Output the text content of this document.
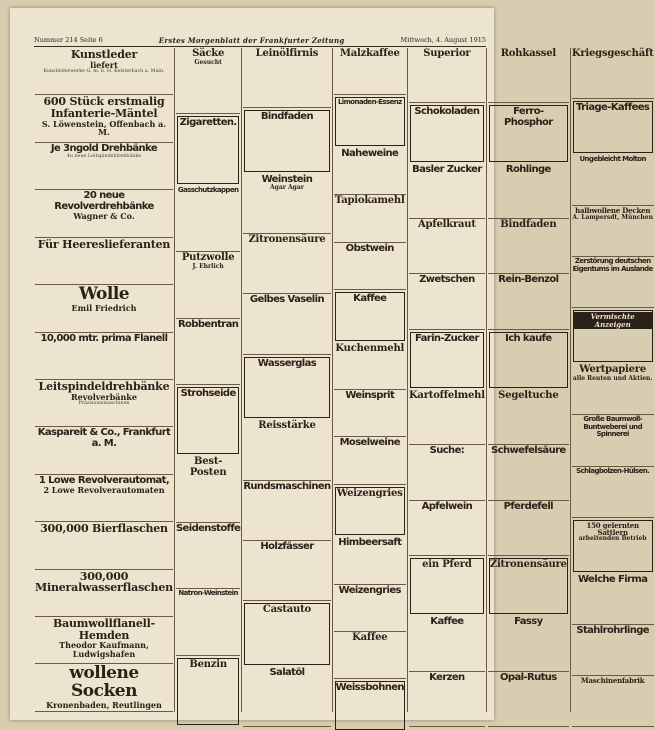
Nummer 214 Seite 6	Erstes Morgenblatt der Frankfurter Zeitung	Mittwoch, 4. August 1915
Kunstleder
liefert
Kunstlederwerke G. m. b. H. Kelsterbach a. Main.
600 Stück erstmalig Infanterie-Mäntel
S. Löwenstein, Offenbach a. M.
Je 3ngold Drehbänke
4u neue Leitspindeldrehbänke
20 neue Revolverdrehbänke
Wagner & Co.
Für Heereslieferanten
Wolle
Emil Friedrich
10,000 mtr. prima Flanell
Leitspindeldrehbänke
Revolverbänke
Präzisionsmaschinen
Kaspareit & Co., Frankfurt a. M.
1 Lowe Revolverautomat,
2 Lowe Revolverautomaten
300,000 Bierflaschen
300,000 Mineralwasserflaschen
Baumwollflanell-Hemden
Theodor Kaufmann, Ludwigshafen
wollene Socken
Kronenbaden, Reutlingen
Säcke
Gesucht
Zigaretten.
Gasschutzkappen
Putzwolle
J. Ehrlich
Robbentran
Strohseide
Best-Posten
Seidenstoffe
Natron-Weinstein
Benzin
Leinölfirnis
Bindfaden
Weinstein
Agar Agar
Zitronensäure
Gelbes Vaselin
Wasserglas
Reisstärke
Rundsmaschinen
Holzfässer
Castauto
Salatöl
Malzkaffee
Limonaden-Essenz
Naheweine
Tapiokamehl
Obstwein
Kaffee
Kuchenmehl
Weinsprit
Moselweine
Weizengries
Himbeersaft
Weizengries
Kaffee
Weissbohnen
Superior
Schokoladen
Basler Zucker
Apfelkraut
Zwetschen
Farin-Zucker
Kartoffelmehl
Suche:
Apfelwein
ein Pferd
Kaffee
Kerzen
Rohkassel
Ferro-Phosphor
Rohlinge
Bindfaden
Rein-Benzol
Ich kaufe
Segeltuche
Schwefelsäure
Pferdefell
Zitronensäure
Fassy
Opal-Rutus
Kriegsgeschäft
Triage-Kaffees
Ungebleicht Molton
halbwollene Decken
A. Lampersdt, München
Zerstörung deutschen Eigentums im Auslande
Vermischte Anzeigen
Wertpapiere
alle Renten und Aktien.
Große Baumwoll-Buntweberei und Spinnerei
Schlagbolzen-Hülsen.
150 gelernten Sattlern
arbeitenden Betrieb
Welche Firma
Stahlrohrlinge
Maschinenfabrik
